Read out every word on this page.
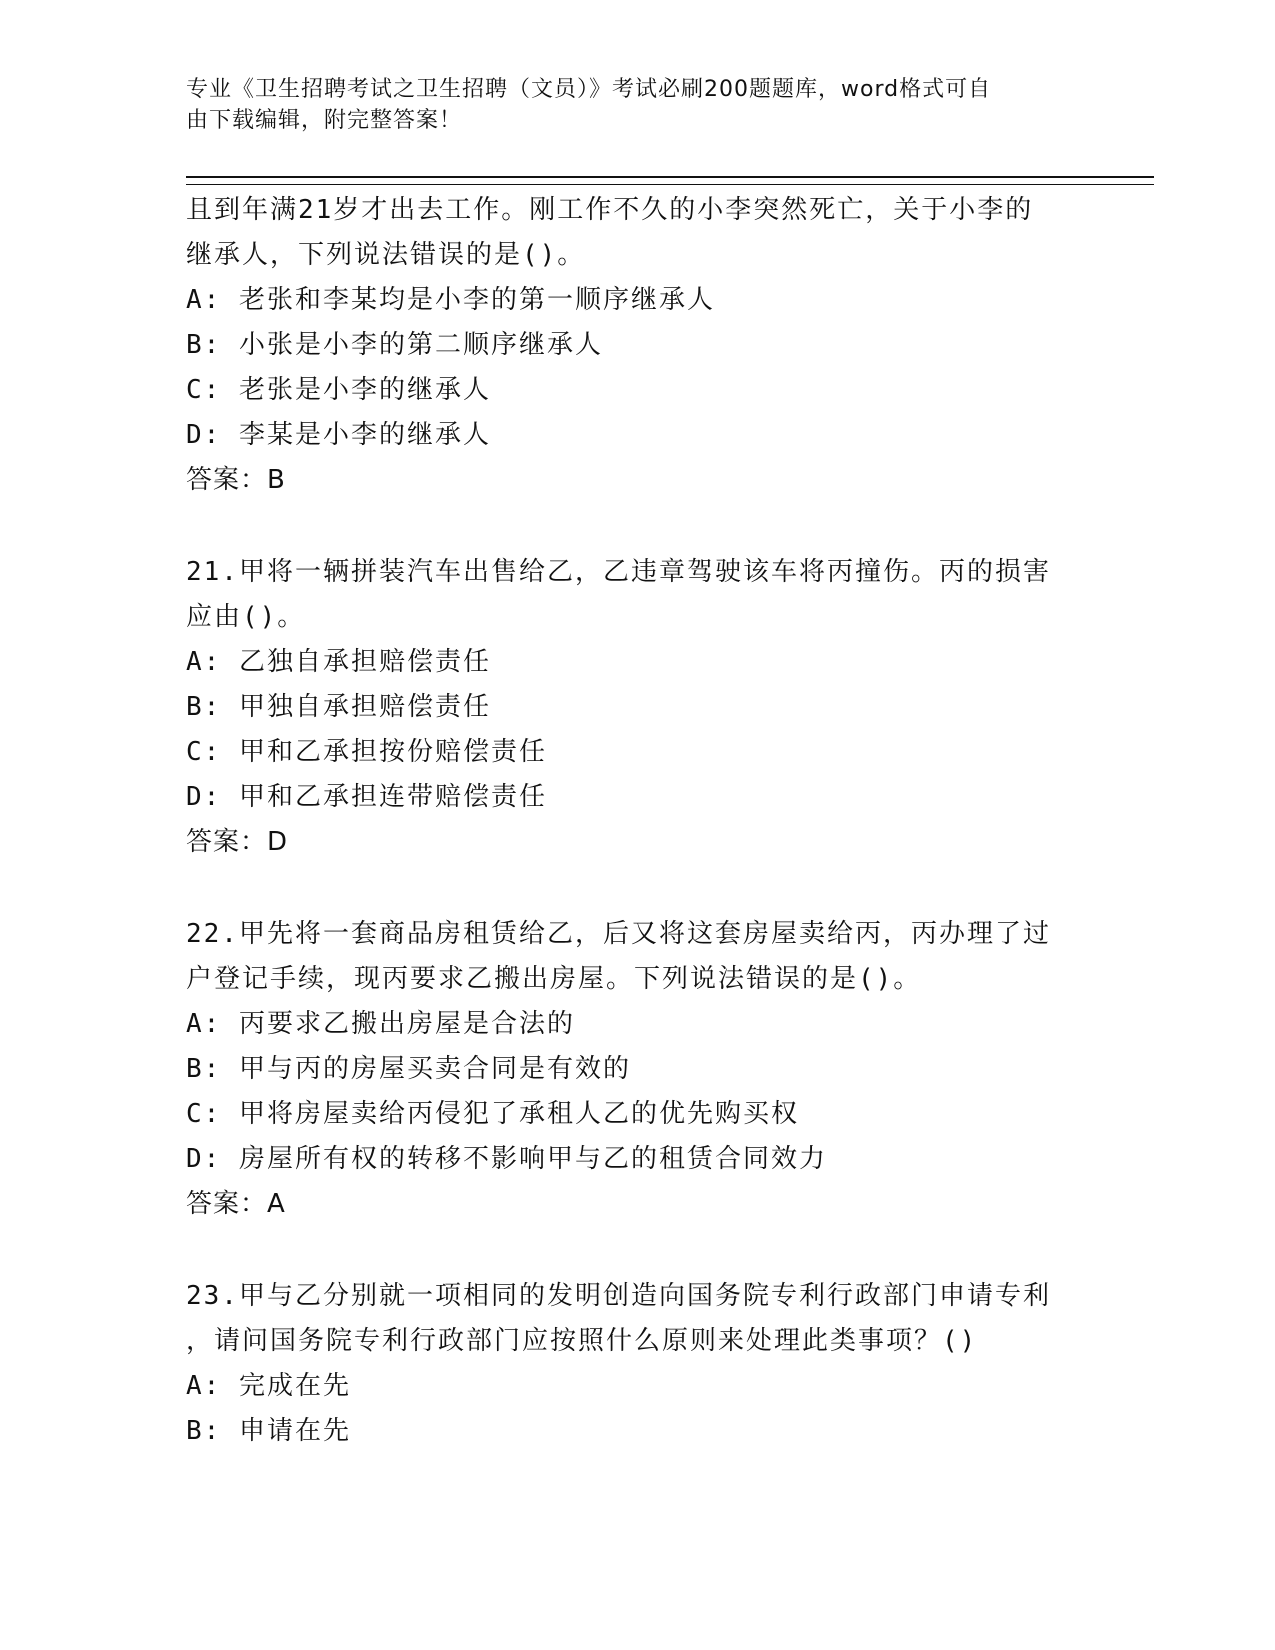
专业《卫生招聘考试之卫生招聘（文员）》考试必刷200题题库，word格式可自
由下载编辑，附完整答案！
且到年满21岁才出去工作。刚工作不久的小李突然死亡，关于小李的
继承人，下列说法错误的是()。
A: 老张和李某均是小李的第一顺序继承人
B: 小张是小李的第二顺序继承人
C: 老张是小李的继承人
D: 李某是小李的继承人
答案：B
21.甲将一辆拼装汽车出售给乙，乙违章驾驶该车将丙撞伤。丙的损害
应由()。
A: 乙独自承担赔偿责任
B: 甲独自承担赔偿责任
C: 甲和乙承担按份赔偿责任
D: 甲和乙承担连带赔偿责任
答案：D
22.甲先将一套商品房租赁给乙，后又将这套房屋卖给丙，丙办理了过
户登记手续，现丙要求乙搬出房屋。下列说法错误的是()。
A: 丙要求乙搬出房屋是合法的
B: 甲与丙的房屋买卖合同是有效的
C: 甲将房屋卖给丙侵犯了承租人乙的优先购买权
D: 房屋所有权的转移不影响甲与乙的租赁合同效力
答案：A
23.甲与乙分别就一项相同的发明创造向国务院专利行政部门申请专利
，请问国务院专利行政部门应按照什么原则来处理此类事项？()
A: 完成在先
B: 申请在先
